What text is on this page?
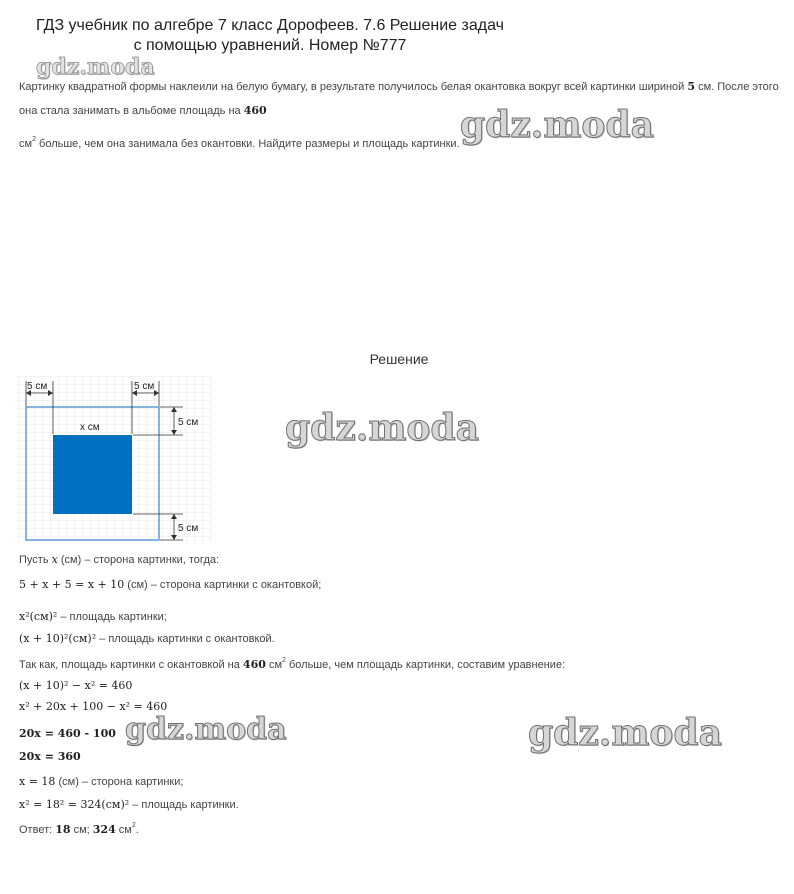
ГДЗ учебник по алгебре 7 класс Дорофеев. 7.6 Решение задач
с помощью уравнений. Номер №777
gdz.moda
gdz.moda
gdz.moda
gdz.moda	gdz.moda
Картинку квадратной формы наклеили на белую бумагу, в результате получилось белая окантовка вокруг всей картинки шириной 5 см. После этого
она стала занимать в альбоме площадь на 460
$см^2$ больше, чем она занимала без окантовки. Найдите размеры и площадь картинки.
Решение
5 см	5 см
5 см
5 см
x см
Пусть x (см) – сторона картинки, тогда:
5 + x + 5 = x + 10 (см) – сторона картинки с окантовкой;
x²(см)² – площадь картинки;
(x + 10)²(см)² – площадь картинки с окантовкой.
Так как, площадь картинки с окантовкой на 460 $см^2$ больше, чем площадь картинки, составим уравнение:
(x + 10)² − x² = 460
x² + 20x + 100 − x² = 460
20x = 460 - 100
20x = 360
x = 18 (см) – сторона картинки;
x² = 18² = 324(см)² – площадь картинки.
Ответ: 18 см; 324 $см^2$.
